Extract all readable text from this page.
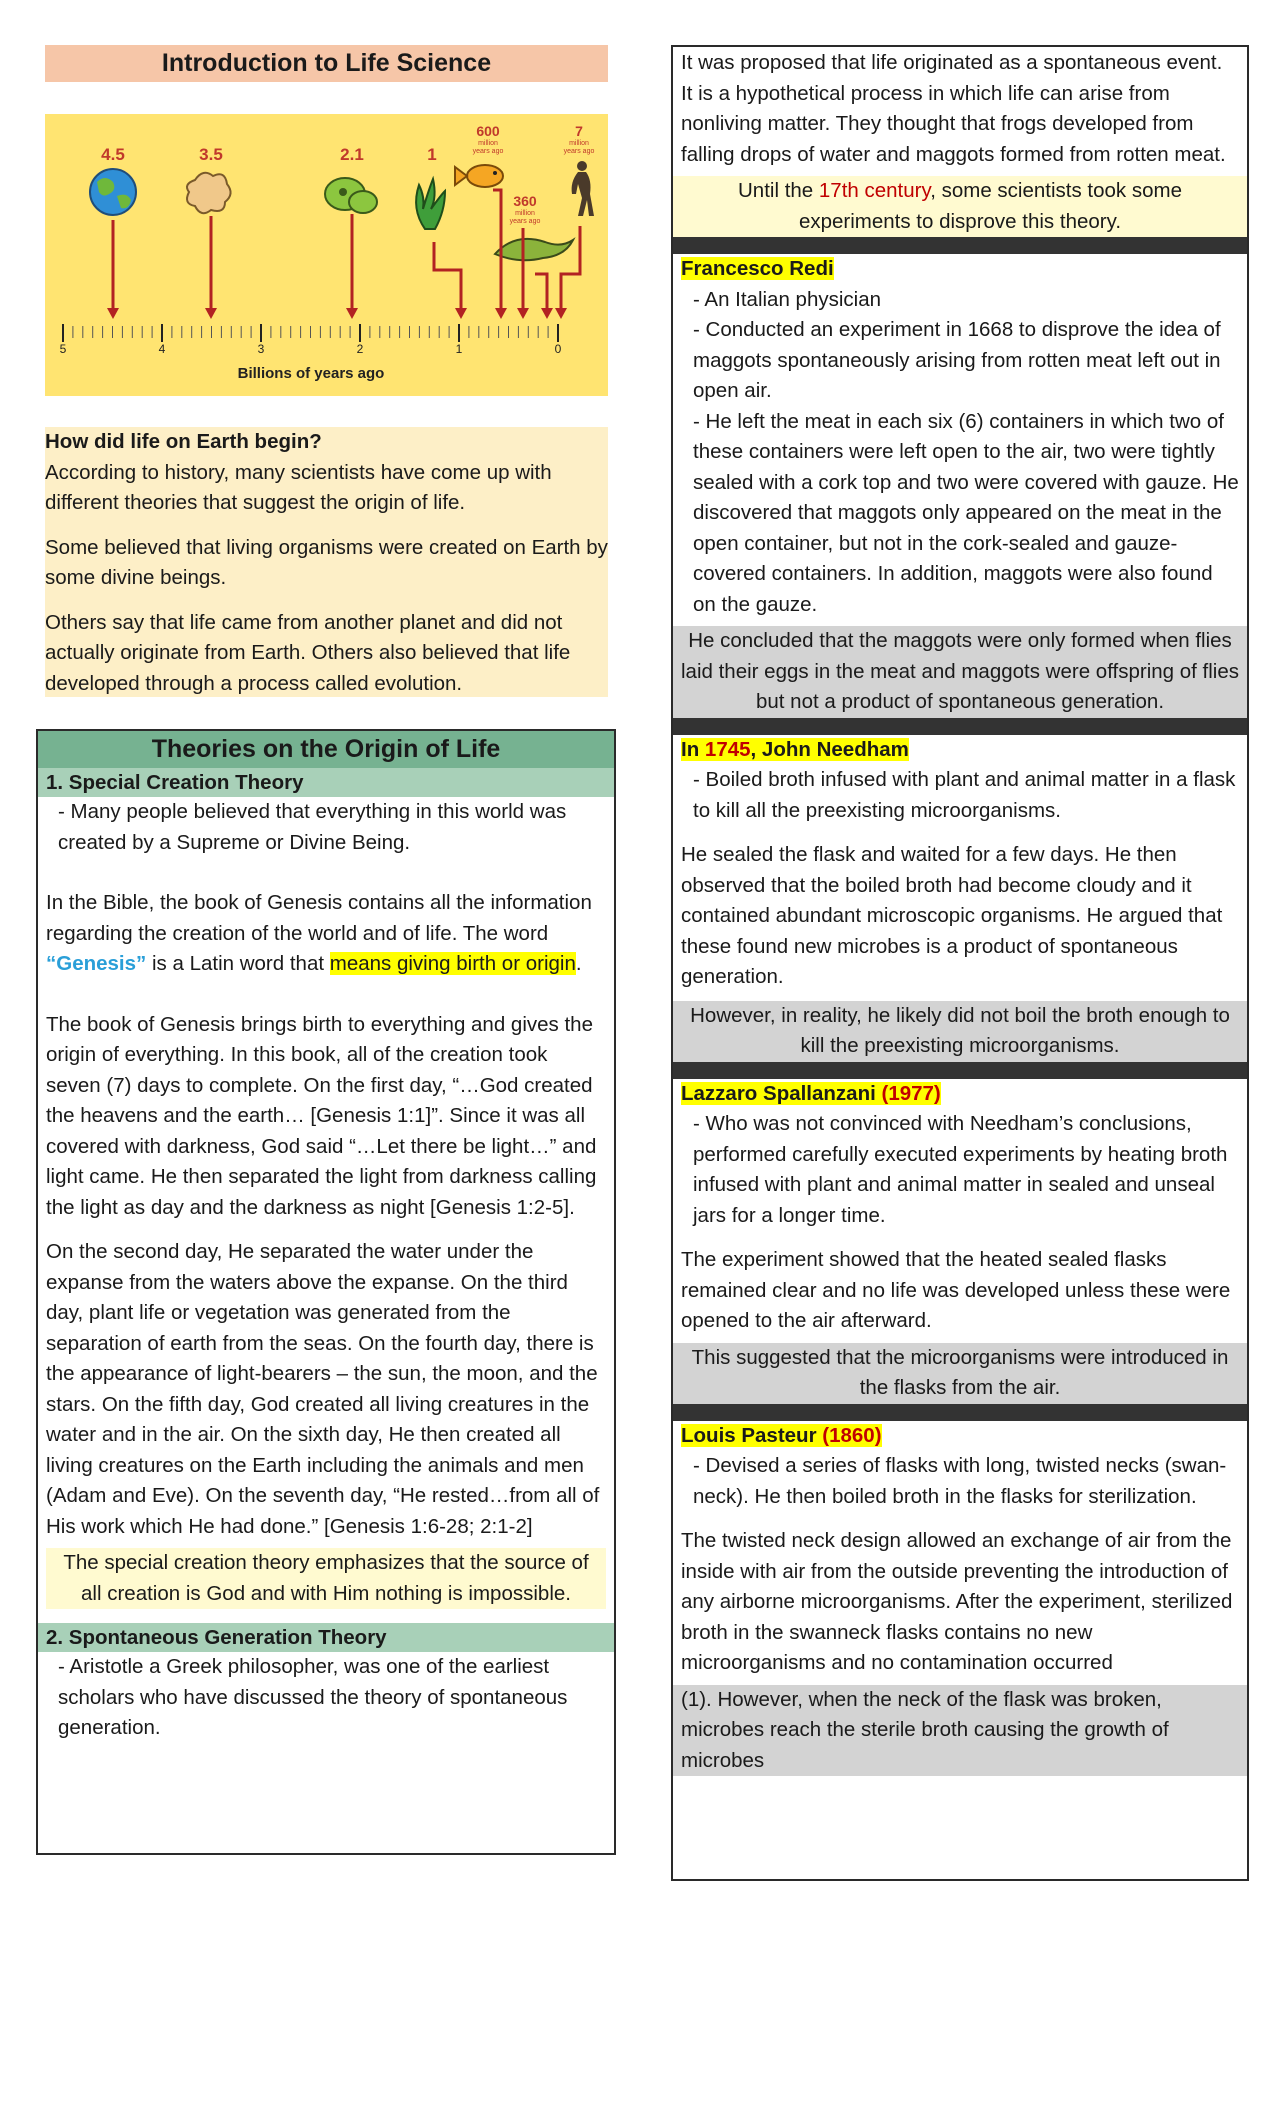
Introduction to Life Science
4.5	3.5	2.1	1
600
million
years ago
360
million
years ago
7
million
years ago
5	4	3	2	1	0
Billions of years ago

How did life on Earth begin?

According to history, many scientists have come up with different theories that suggest the origin of life.

Some believed that living organisms were created on Earth by some divine beings.

Others say that life came from another planet and did not actually originate from Earth. Others also believed that life developed through a process called evolution.

Theories on the Origin of Life
1. Special Creation Theory

- Many people believed that everything in this world was created by a Supreme or Divine Being.

In the Bible, the book of Genesis contains all the information regarding the creation of the world and of life. The word “Genesis” is a Latin word that means giving birth or origin.

The book of Genesis brings birth to everything and gives the origin of everything. In this book, all of the creation took seven (7) days to complete. On the first day, “…God created the heavens and the earth… [Genesis 1:1]”. Since it was all covered with darkness, God said “…Let there be light…” and light came. He then separated the light from darkness calling the light as day and the darkness as night [Genesis 1:2-5].

On the second day, He separated the water under the expanse from the waters above the expanse. On the third day, plant life or vegetation was generated from the separation of earth from the seas. On the fourth day, there is the appearance of light-bearers – the sun, the moon, and the stars. On the fifth day, God created all living creatures in the water and in the air. On the sixth day, He then created all living creatures on the Earth including the animals and men (Adam and Eve). On the seventh day, “He rested…from all of His work which He had done.” [Genesis 1:6-28; 2:1-2]

The special creation theory emphasizes that the source of all creation is God and with Him nothing is impossible.

2. Spontaneous Generation Theory

- Aristotle a Greek philosopher, was one of the earliest scholars who have discussed the theory of spontaneous generation.

It was proposed that life originated as a spontaneous event. It is a hypothetical process in which life can arise from nonliving matter. They thought that frogs developed from falling drops of water and maggots formed from rotten meat.

Until the 17th century, some scientists took some experiments to disprove this theory.

Francesco Redi

- An Italian physician

- Conducted an experiment in 1668 to disprove the idea of maggots spontaneously arising from rotten meat left out in open air.

- He left the meat in each six (6) containers in which two of these containers were left open to the air, two were tightly sealed with a cork top and two were covered with gauze. He discovered that maggots only appeared on the meat in the open container, but not in the cork-sealed and gauze-covered containers. In addition, maggots were also found on the gauze.

He concluded that the maggots were only formed when flies laid their eggs in the meat and maggots were offspring of flies but not a product of spontaneous generation.

In 1745, John Needham

- Boiled broth infused with plant and animal matter in a flask to kill all the preexisting microorganisms.

He sealed the flask and waited for a few days. He then observed that the boiled broth had become cloudy and it contained abundant microscopic organisms. He argued that these found new microbes is a product of spontaneous generation.

However, in reality, he likely did not boil the broth enough to kill the preexisting microorganisms.

Lazzaro Spallanzani (1977)

- Who was not convinced with Needham’s conclusions, performed carefully executed experiments by heating broth infused with plant and animal matter in sealed and unseal jars for a longer time.

The experiment showed that the heated sealed flasks remained clear and no life was developed unless these were opened to the air afterward.

This suggested that the microorganisms were introduced in the flasks from the air.

Louis Pasteur (1860)

- Devised a series of flasks with long, twisted necks (swan-neck). He then boiled broth in the flasks for sterilization.

The twisted neck design allowed an exchange of air from the inside with air from the outside preventing the introduction of any airborne microorganisms. After the experiment, sterilized broth in the swanneck flasks contains no new microorganisms and no contamination occurred

(1). However, when the neck of the flask was broken, microbes reach the sterile broth causing the growth of microbes
